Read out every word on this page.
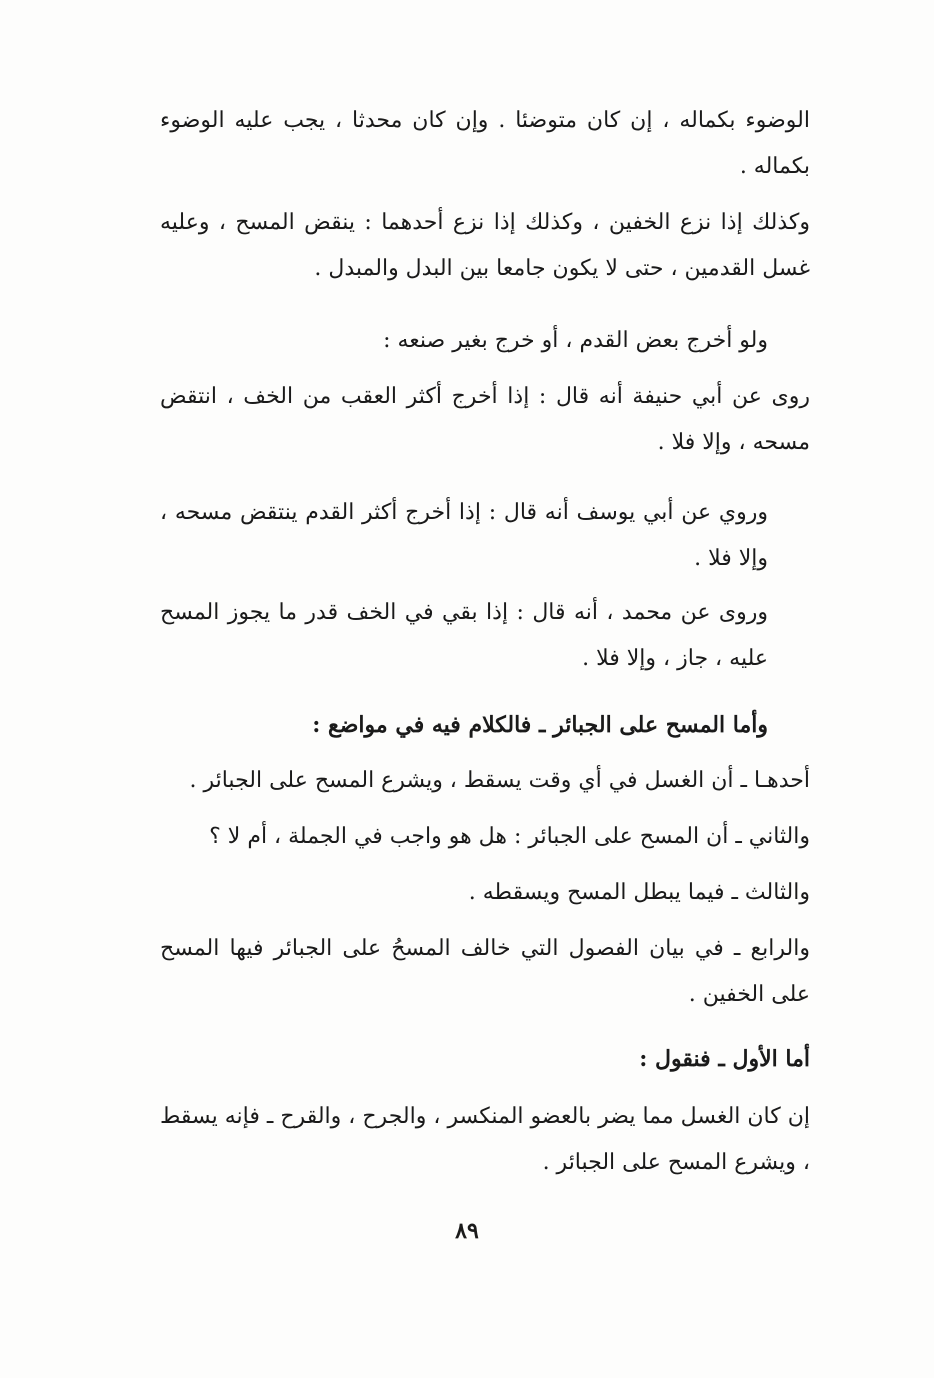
الوضوء بكماله ، إن كان متوضئا . وإن كان محدثا ، يجب عليه الوضوء بكماله .

وكذلك إذا نزع الخفين ، وكذلك إذا نزع أحدهما : ينقض المسح ، وعليه غسل القدمين ، حتى لا يكون جامعا بين البدل والمبدل .

ولو أخرج بعض القدم ، أو خرج بغير صنعه :

روى عن أبي حنيفة أنه قال : إذا أخرج أكثر العقب من الخف ، انتقض مسحه ، وإلا فلا .

وروي عن أبي يوسف أنه قال : إذا أخرج أكثر القدم ينتقض مسحه ، وإلا فلا .

وروى عن محمد ، أنه قال : إذا بقي في الخف قدر ما يجوز المسح عليه ، جاز ، وإلا فلا .

وأما المسح على الجبائر ـ فالكلام فيه في مواضع :

أحدهـا ـ أن الغسل في أي وقت يسقط ، ويشرع المسح على الجبائر .

والثاني ـ أن المسح على الجبائر : هل هو واجب في الجملة ، أم لا ؟

والثالث ـ فيما يبطل المسح ويسقطه .

والرابع ـ في بيان الفصول التي خالف المسحُ على الجبائر فيها المسح على الخفين .

أما الأول ـ فنقول :

إن كان الغسل مما يضر بالعضو المنكسر ، والجرح ، والقرح ـ فإنه يسقط ، ويشرع المسح على الجبائر .

٨٩
